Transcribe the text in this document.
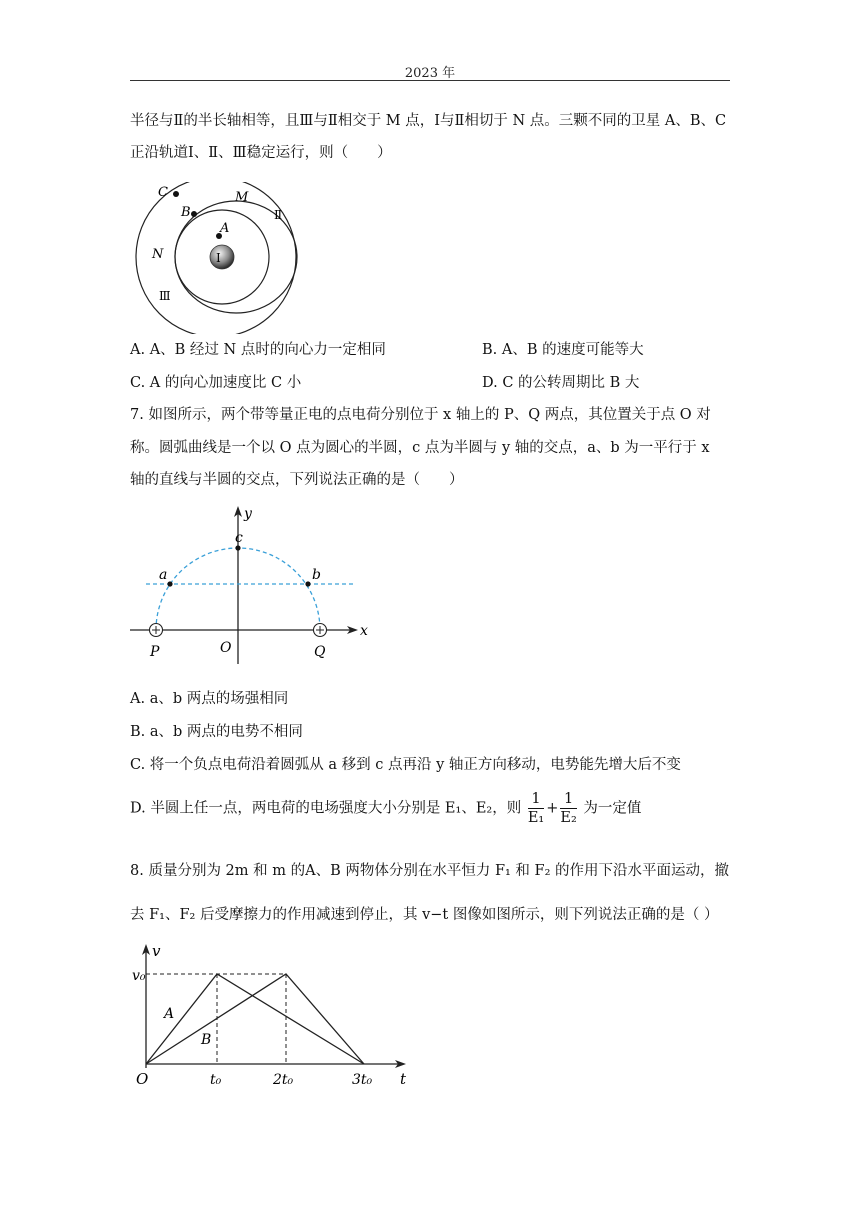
2023 年
半径与Ⅱ的半长轴相等，且Ⅲ与Ⅱ相交于 M 点，Ⅰ与Ⅱ相切于 N 点。三颗不同的卫星 A、B、C
正沿轨道Ⅰ、Ⅱ、Ⅲ稳定运行，则（　　）
C	M
B
A
Ⅱ
N	Ⅰ
Ⅲ
A. A、B 经过 N 点时的向心力一定相同	B. A、B 的速度可能等大
C. A 的向心加速度比 C 小	D. C 的公转周期比 B 大
7. 如图所示，两个带等量正电的点电荷分别位于 x 轴上的 P、Q 两点，其位置关于点 O 对
称。圆弧曲线是一个以 O 点为圆心的半圆，c 点为半圆与 y 轴的交点，a、b 为一平行于 x
轴的直线与半圆的交点，下列说法正确的是（　　）
y
c
a	b
P	O	Q
x
A. a、b 两点的场强相同
B. a、b 两点的电势不相同
C. 将一个负点电荷沿着圆弧从 a 移到 c 点再沿 y 轴正方向移动，电势能先增大后不变
D. 半圆上任一点，两电荷的电场强度大小分别是 E₁、E₂，则 $\frac{1}{\text{E₁}} + \frac{1}{\text{E₂}}$ 为一定值
8. 质量分别为 2m 和 m 的A、B 两物体分别在水平恒力 F₁ 和 F₂ 的作用下沿水平面运动，撤
去 F₁、F₂ 后受摩擦力的作用减速到停止，其 v−t 图像如图所示，则下列说法正确的是（ ）
v
v₀
A
B
O	t₀	2t₀	3t₀ t
